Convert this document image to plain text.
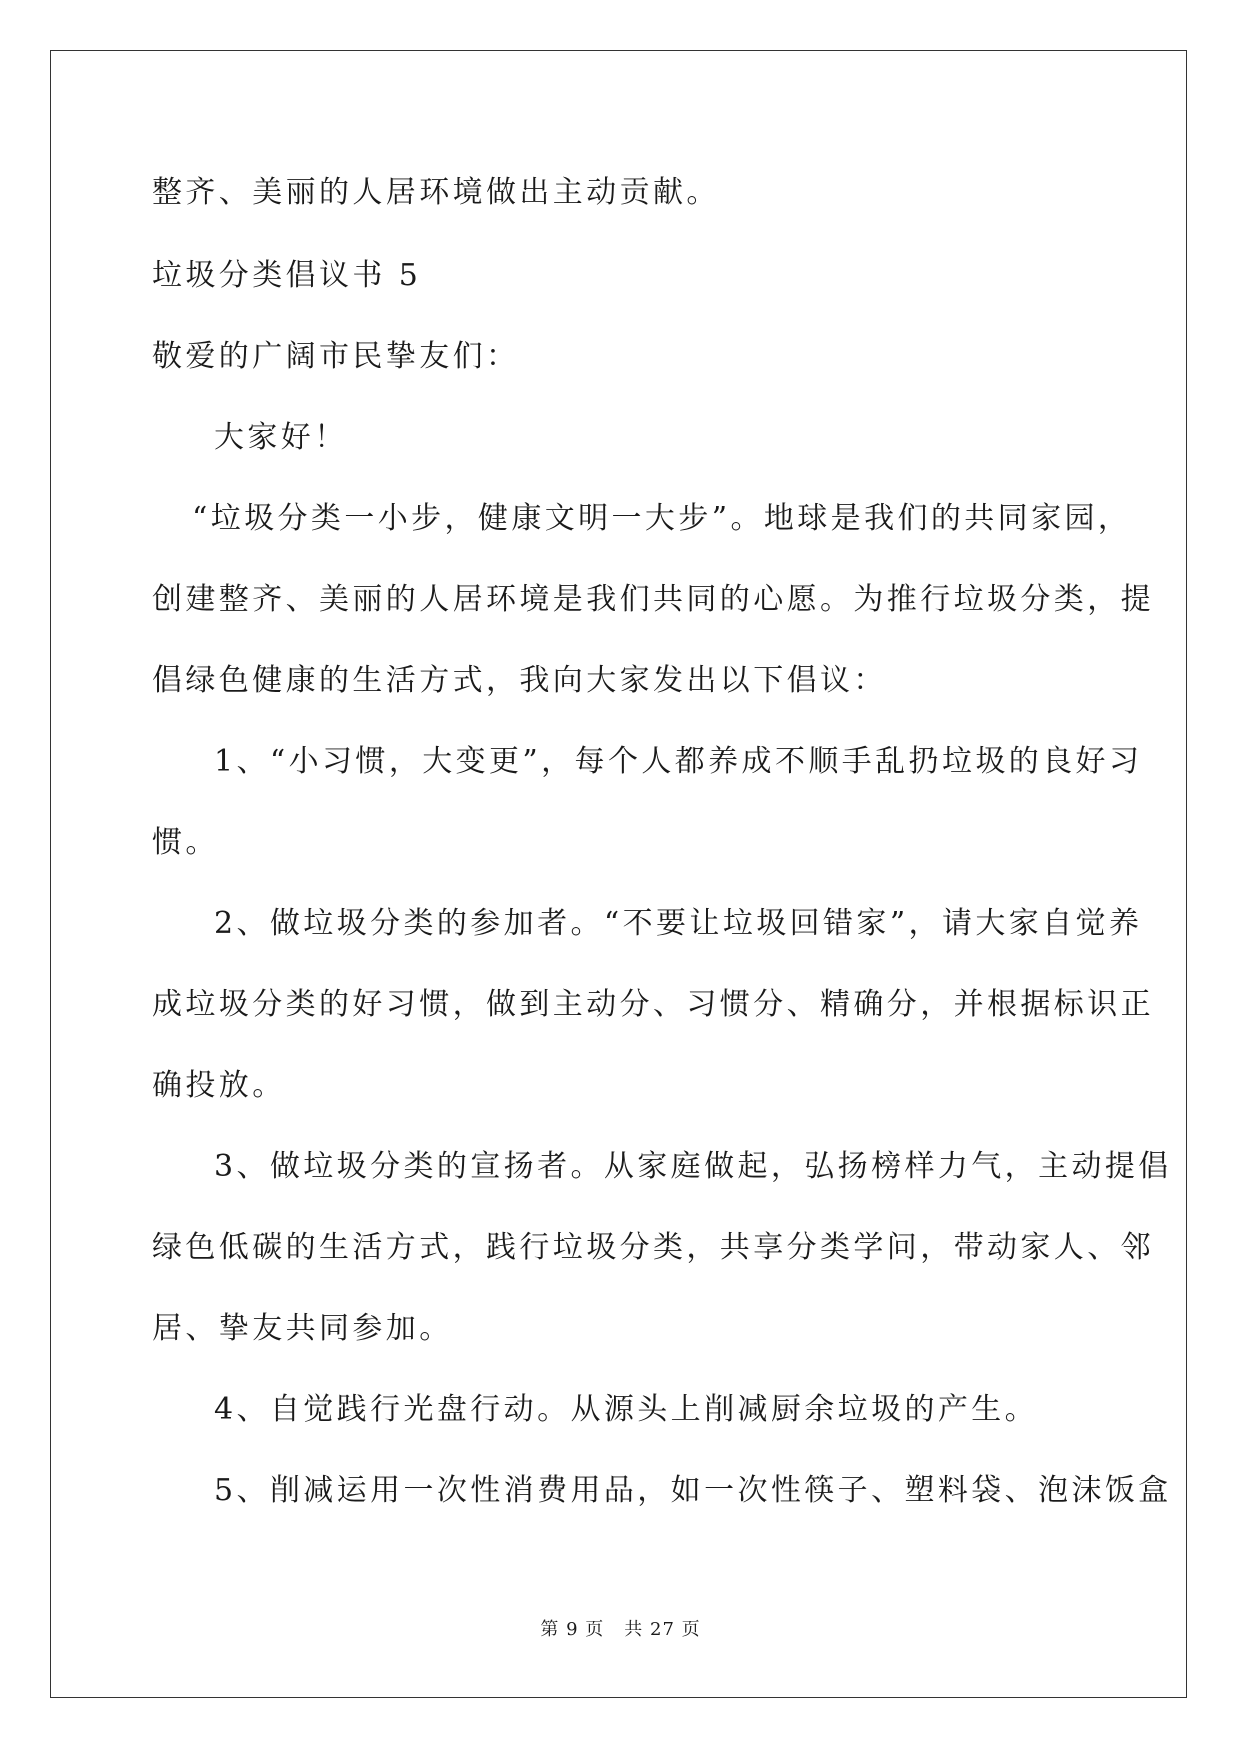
整齐、美丽的人居环境做出主动贡献。
垃圾分类倡议书 5
敬爱的广阔市民挚友们：
大家好！
“垃圾分类一小步，健康文明一大步”。地球是我们的共同家园，
创建整齐、美丽的人居环境是我们共同的心愿。为推行垃圾分类，提
倡绿色健康的生活方式，我向大家发出以下倡议：
1、“小习惯，大变更”，每个人都养成不顺手乱扔垃圾的良好习
惯。
2、做垃圾分类的参加者。“不要让垃圾回错家”，请大家自觉养
成垃圾分类的好习惯，做到主动分、习惯分、精确分，并根据标识正
确投放。
3、做垃圾分类的宣扬者。从家庭做起，弘扬榜样力气，主动提倡
绿色低碳的生活方式，践行垃圾分类，共享分类学问，带动家人、邻
居、挚友共同参加。
4、自觉践行光盘行动。从源头上削减厨余垃圾的产生。
5、削减运用一次性消费用品，如一次性筷子、塑料袋、泡沫饭盒
第 9 页 共 27 页
